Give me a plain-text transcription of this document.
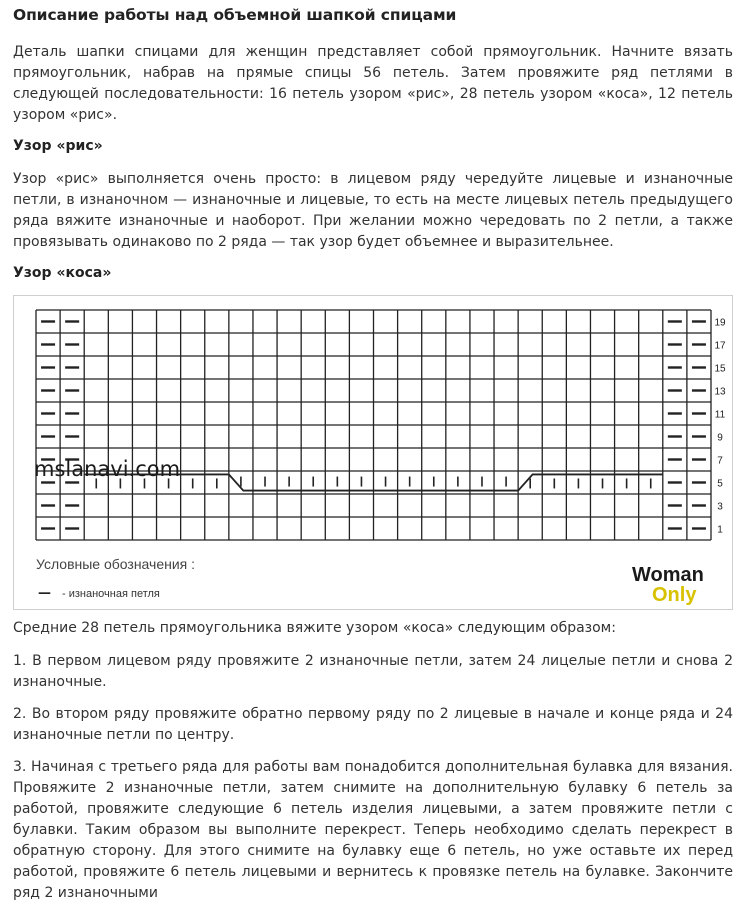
Описание работы над объемной шапкой спицами

Деталь шапки спицами для женщин представляет собой прямоугольник. Начните вязать прямоугольник, набрав на прямые спицы 56 петель. Затем провяжите ряд петлями в следующей последовательности: 16 петель узором «рис», 28 петель узором «коса», 12 петель узором «рис».

Узор «рис»

Узор «рис» выполняется очень просто: в лицевом ряду чередуйте лицевые и изнаночные петли, в изнаночном — изнаночные и лицевые, то есть на месте лицевых петель предыдущего ряда вяжите изнаночные и наоборот. При желании можно чередовать по 2 петли, а также провязывать одинаково по 2 ряда — так узор будет объемнее и выразительнее.

Узор «коса»

19
17
15
13
11
9
7
5
3
1
mslanavi.com
Условные обозначения :
— - изнаночная петля
Woman
Only

Средние 28 петель прямоугольника вяжите узором «коса» следующим образом:

1. В первом лицевом ряду провяжите 2 изнаночные петли, затем 24 лицелые петли и снова 2 изнаночные.

2. Во втором ряду провяжите обратно первому ряду по 2 лицевые в начале и конце ряда и 24 изнаночные петли по центру.

3. Начиная с третьего ряда для работы вам понадобится дополнительная булавка для вязания. Провяжите 2 изнаночные петли, затем снимите на дополнительную булавку 6 петель за работой, провяжите следующие 6 петель изделия лицевыми, а затем провяжите петли с булавки. Таким образом вы выполните перекрест. Теперь необходимо сделать перекрест в обратную сторону. Для этого снимите на булавку еще 6 петель, но уже оставьте их перед работой, провяжите 6 петель лицевыми и вернитесь к провязке петель на булавке. Закончите ряд 2 изнаночными
